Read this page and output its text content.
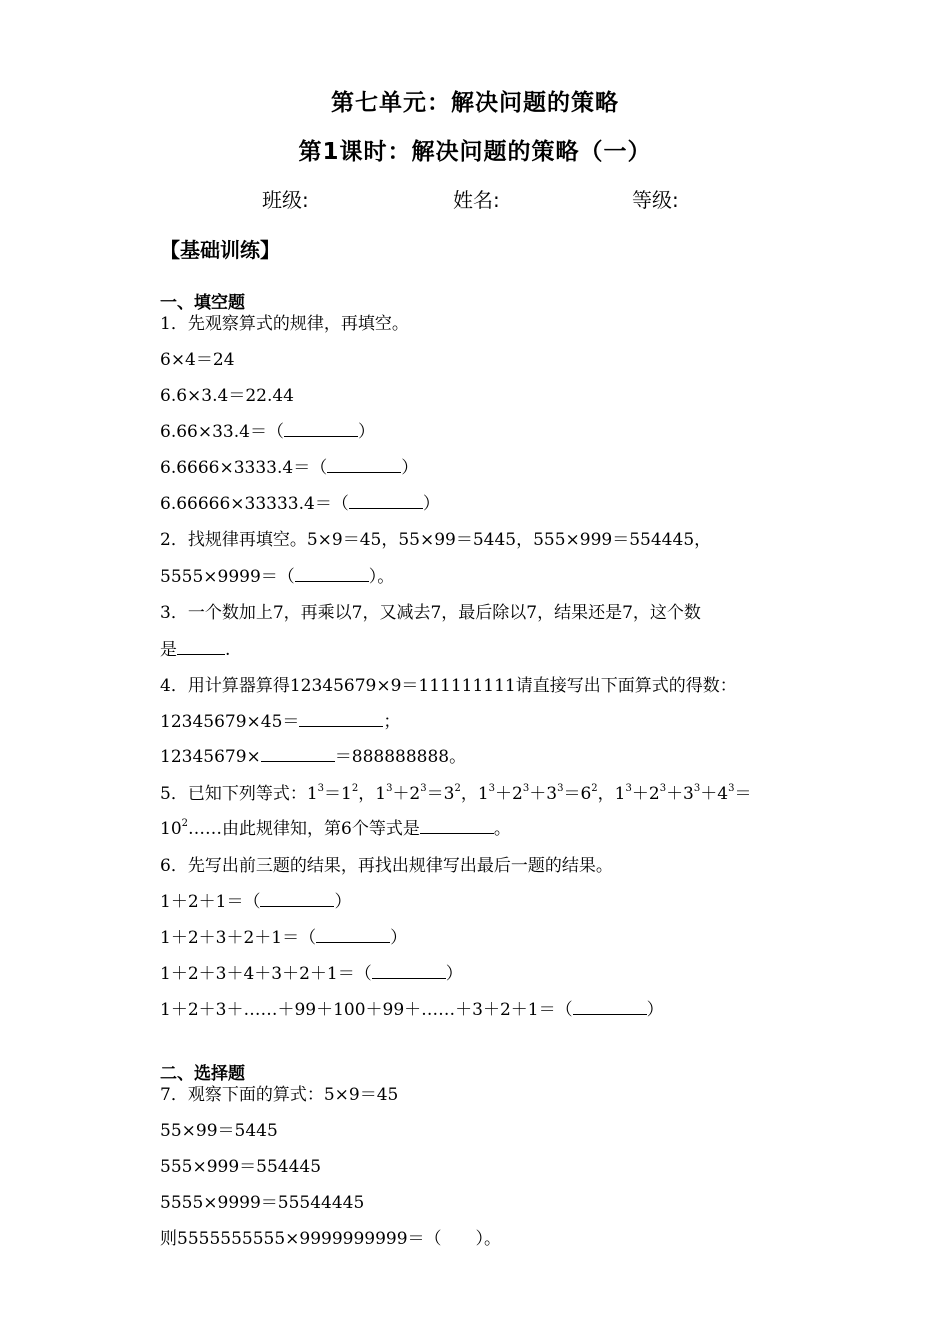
第七单元：解决问题的策略
第1课时：解决问题的策略（一）
班级:	姓名:	等级:
【基础训练】
一、填空题
1．先观察算式的规律，再填空。
6×4＝24
6.6×3.4＝22.44
6.66×33.4＝（	）
6.6666×3333.4＝（	）
6.66666×33333.4＝（	）
2．找规律再填空。5×9＝45，55×99＝5445，555×999＝554445，
5555×9999＝（	）。
3．一个数加上7，再乘以7，又减去7，最后除以7，结果还是7，这个数
是	.
4．用计算器算得12345679×9＝111111111请直接写出下面算式的得数：
12345679×45＝	；
12345679×	＝888888888。
5．已知下列等式：$1^3=1^2$，$1^3+2^3=3^2$，$1^3+2^3+3^3=6^2$，$1^3+2^3+3^3+4^3=$
$10^2\dots\dots$由此规律知，第6个等式是	。
6．先写出前三题的结果，再找出规律写出最后一题的结果。
1＋2＋1＝（	）
1＋2＋3＋2＋1＝（	）
1＋2＋3＋4＋3＋2＋1＝（	）
1＋2＋3＋……＋99＋100＋99＋……＋3＋2＋1＝（	）
二、选择题
7．观察下面的算式：5×9＝45
55×99＝5445
555×999＝554445
5555×9999＝55544445
则5555555555×9999999999＝（　　）。
